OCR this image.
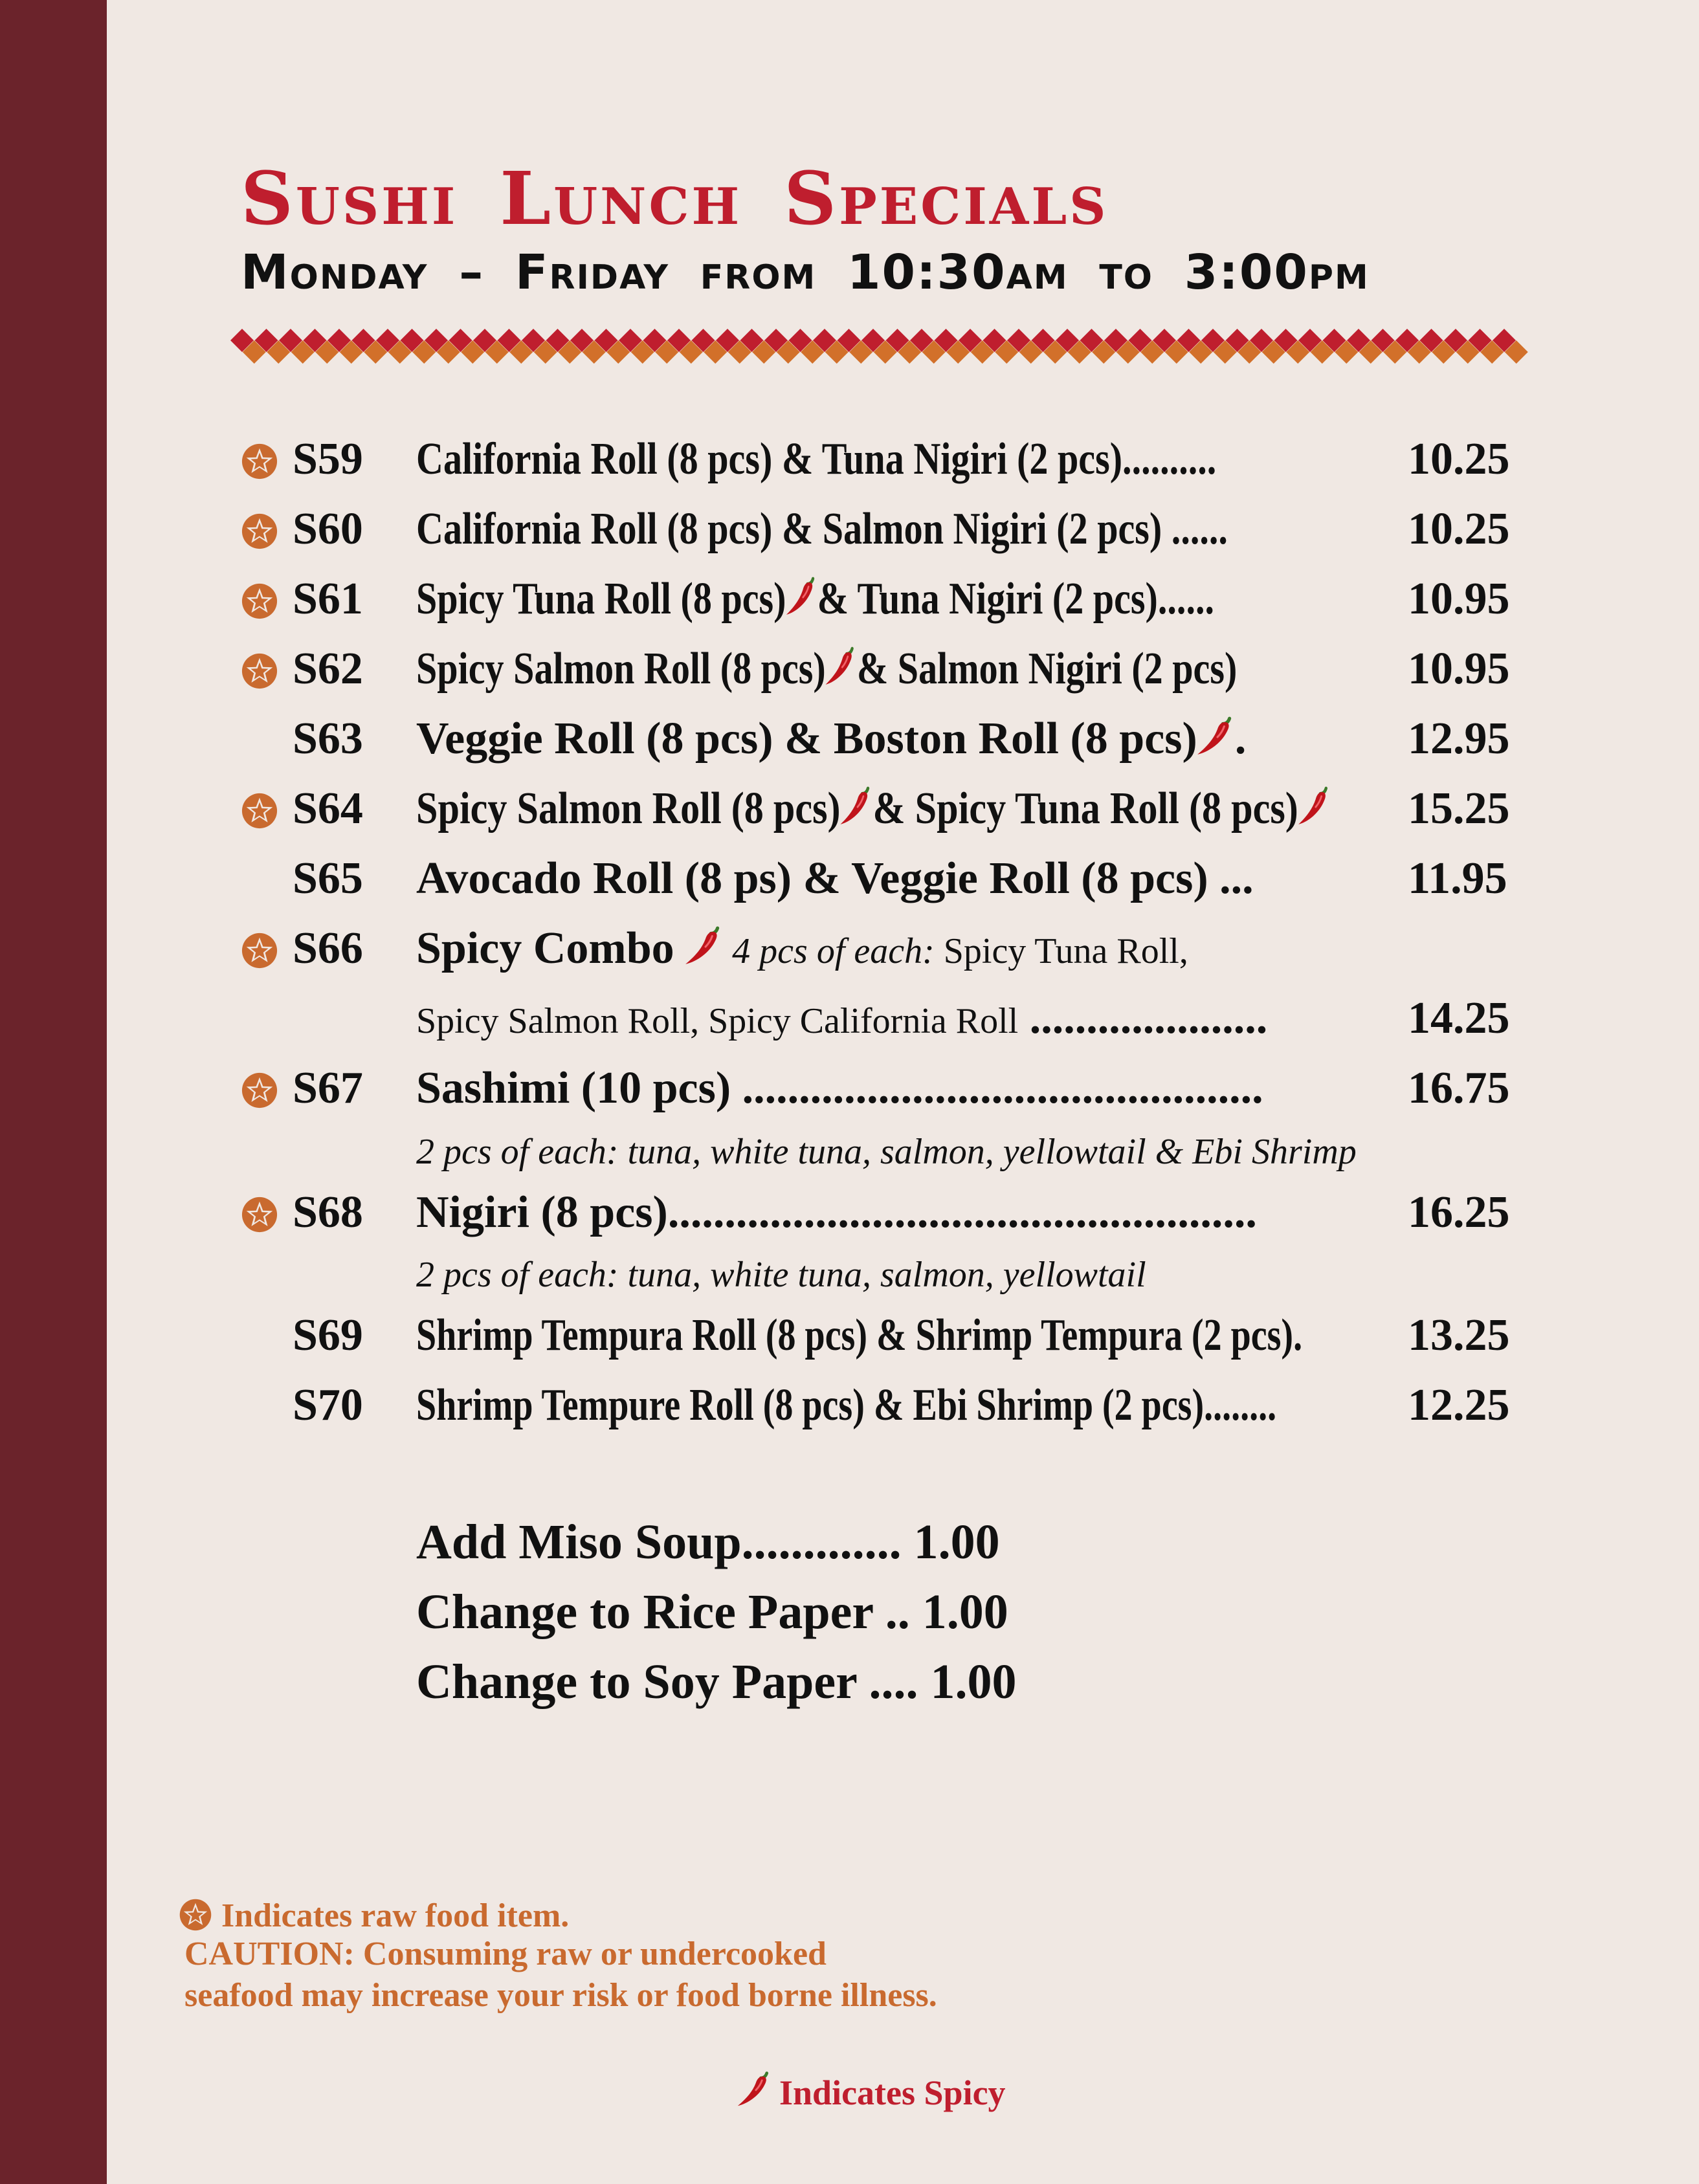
Sushi Lunch Specials
Monday – Friday from 10:30am to 3:00pm
S59 California Roll (8 pcs) & Tuna Nigiri (2 pcs)..........	10.25
S60 California Roll (8 pcs) & Salmon Nigiri (2 pcs) ......	10.25
S61 Spicy Tuna Roll (8 pcs) & Tuna Nigiri (2 pcs)......	10.95
S62 Spicy Salmon Roll (8 pcs) & Salmon Nigiri (2 pcs)	10.95
S63 Veggie Roll (8 pcs) & Boston Roll (8 pcs) .	12.95
S64 Spicy Salmon Roll (8 pcs) & Spicy Tuna Roll (8 pcs)	15.25
S65 Avocado Roll (8 ps) & Veggie Roll (8 pcs) ...	11.95
S66 Spicy Combo  4 pcs of each: Spicy Tuna Roll,
Spicy Salmon Roll, Spicy California Roll .....................	14.25
S67 Sashimi (10 pcs) ..............................................	16.75
2 pcs of each: tuna, white tuna, salmon, yellowtail & Ebi Shrimp
S68 Nigiri (8 pcs)....................................................	16.25
2 pcs of each: tuna, white tuna, salmon, yellowtail
S69 Shrimp Tempura Roll (8 pcs) & Shrimp Tempura (2 pcs).	13.25
S70 Shrimp Tempure Roll (8 pcs) & Ebi Shrimp (2 pcs)........	12.25
Add Miso Soup............. 1.00
Change to Rice Paper .. 1.00
Change to Soy Paper .... 1.00
Indicates raw food item.
CAUTION: Consuming raw or undercooked
seafood may increase your risk or food borne illness.
Indicates Spicy
